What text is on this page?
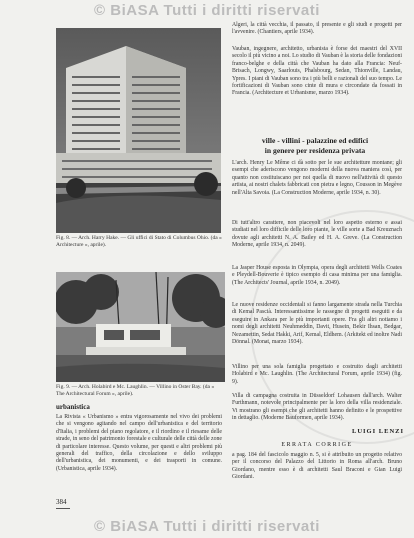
© BiASA Tutti i diritti riservati
Fig. 8. — Arch. Harry Hake. — Gli uffici di Stato di Columbus Ohio. (da « Architecture », aprile).
Fig. 9. — Arch. Holabird e Mc. Laughlin. — Villino in Oster Bay. (da « The Architectural Forum », aprile).
urbanistica
La Rivista « Urbanismo » entra vigorosamente nel vivo dei problemi che si vengono agitando nel campo dell'urbanistica e del territorio d'Italia, i problemi del piano regolatore, e il riordino e il riesame delle strade, in seno del patrimonio forestale e culturale delle città delle zone di particolare interesse. Questo volume, per questi e altri problemi più generali del traffico, della circolazione e dello sviluppo dell'urbanistica, dei monumenti, e dei trasporti in comune. (Urbanistica, aprile 1934).
384
Algeri, la città vecchia, il passato, il presente e gli studi e progetti per l'avvenire. (Chantiers, aprile 1934).
Vauban, ingegnere, architetto, urbanista è forse dei maestri del XVII secolo il più vicino a noi. Lo studio di Vauban è la storia delle fondazioni franco-belghe e della città che Vauban ha dato alla Francia: Neuf-Brisach, Longwy, Saarlouis, Phalsbourg, Sedan, Thionville, Landau, Ypres. I piani di Vauban sono tra i più belli e razionali del suo tempo. Le fortificazioni di Vauban sono cinte di mura e circondate da fossati in Francia. (Architecture et Urbanisme, marzo 1934).
ville - villini - palazzine ed edifici
in genere per residenza privata
L'arch. Henry Le Même ci dà sotto per le sue architetture montane; gli esempi che aderiscono vengono moderni della nuova maniera così, per quanto non costituiscano per noi quella di nuovo nell'attività di questo artista, ai nostri chalets fabbricati con pietra e legno, Cousson in Megève nell'Alta Savoia. (La Construction Moderne, aprile 1934, n. 30).
Di tutt'altro carattere, non piacevoli nel loro aspetto esterno e assai studiati nel loro difficile delle loro piante, le ville sorte a Bad Kreuznach dovute agli architetti N. A. Bailey ed H. A. Greve. (La Construction Moderne, aprile 1934, n. 2049).
La Jasper House esposta in Olympia, opera degli architetti Wells Coates e Pleydell-Bouverie è tipico esempio di casa minima per una famiglia. (The Architects' Journal, aprile 1934, n. 2049).
Le nuove residenze occidentali si fanno largamente strada nella Turchia di Kemal Pascià. Interessantissime le rassegne di progetti eseguiti e da eseguire in Ankara per le più importanti opere. Fra gli altri notiamo i nomi degli architetti Neuhmeddin, Davit, Husein, Bekir Ihsan, Bedgar, Nezamettin, Sedat Hakki, Arif, Kemal, Eldhem. (Arkitekt ed inoltre Nadi Dönnal. (Monat, marzo 1934).
Villino per una sola famiglia progettato e costruito dagli architetti Holabird e Mc. Laughlin. (The Architectural Forum, aprile 1934) (fig. 9).
Villa di campagna costruita in Düsseldorf Lohausen dall'arch. Walter Furthmann, notevole principalmente per la loro della villa residenziale. Vi mostrano gli esempi che gli architetti hanno definito e le prospettive in dettaglio. (Moderne Bauformen, aprile 1934).
LUIGI LENZI
ERRATA CORRIGE
a pag. 184 del fascicolo maggio n. 5, si è attribuito un progetto relativo per il concorso del Palazzo del Littorio in Roma all'arch. Bruno Giordano, mentre esso è di architetti Saul Braconi e Gian Luigi Giordani.
© BiASA Tutti i diritti riservati
